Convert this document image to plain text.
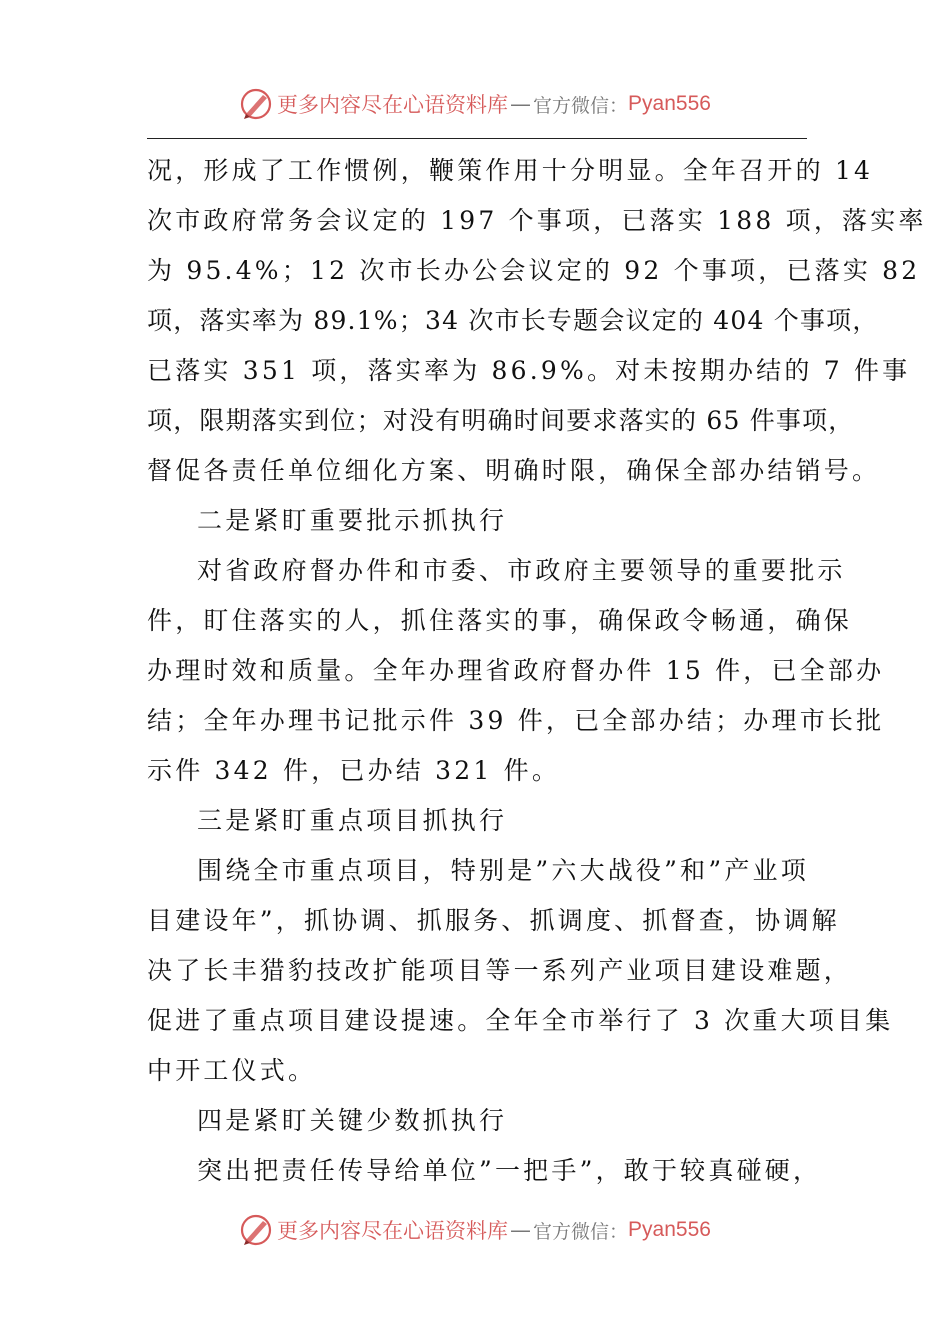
更多内容尽在心语资料库 — 官方微信： Pyan556
况，形成了工作惯例，鞭策作用十分明显。全年召开的 14
次市政府常务会议定的 197 个事项，已落实 188 项，落实率
为 95.4%；12 次市长办公会议定的 92 个事项，已落实 82
项，落实率为 89.1%；34 次市长专题会议定的 404 个事项，
已落实 351 项，落实率为 86.9%。对未按期办结的 7 件事
项，限期落实到位；对没有明确时间要求落实的 65 件事项，
督促各责任单位细化方案、明确时限，确保全部办结销号。
二是紧盯重要批示抓执行
对省政府督办件和市委、市政府主要领导的重要批示
件，盯住落实的人，抓住落实的事，确保政令畅通，确保
办理时效和质量。全年办理省政府督办件 15 件，已全部办
结；全年办理书记批示件 39 件，已全部办结；办理市长批
示件 342 件，已办结 321 件。
三是紧盯重点项目抓执行
围绕全市重点项目，特别是”六大战役”和”产业项
目建设年”，抓协调、抓服务、抓调度、抓督查，协调解
决了长丰猎豹技改扩能项目等一系列产业项目建设难题，
促进了重点项目建设提速。全年全市举行了 3 次重大项目集
中开工仪式。
四是紧盯关键少数抓执行
突出把责任传导给单位”一把手”，敢于较真碰硬，
更多内容尽在心语资料库 — 官方微信： Pyan556
